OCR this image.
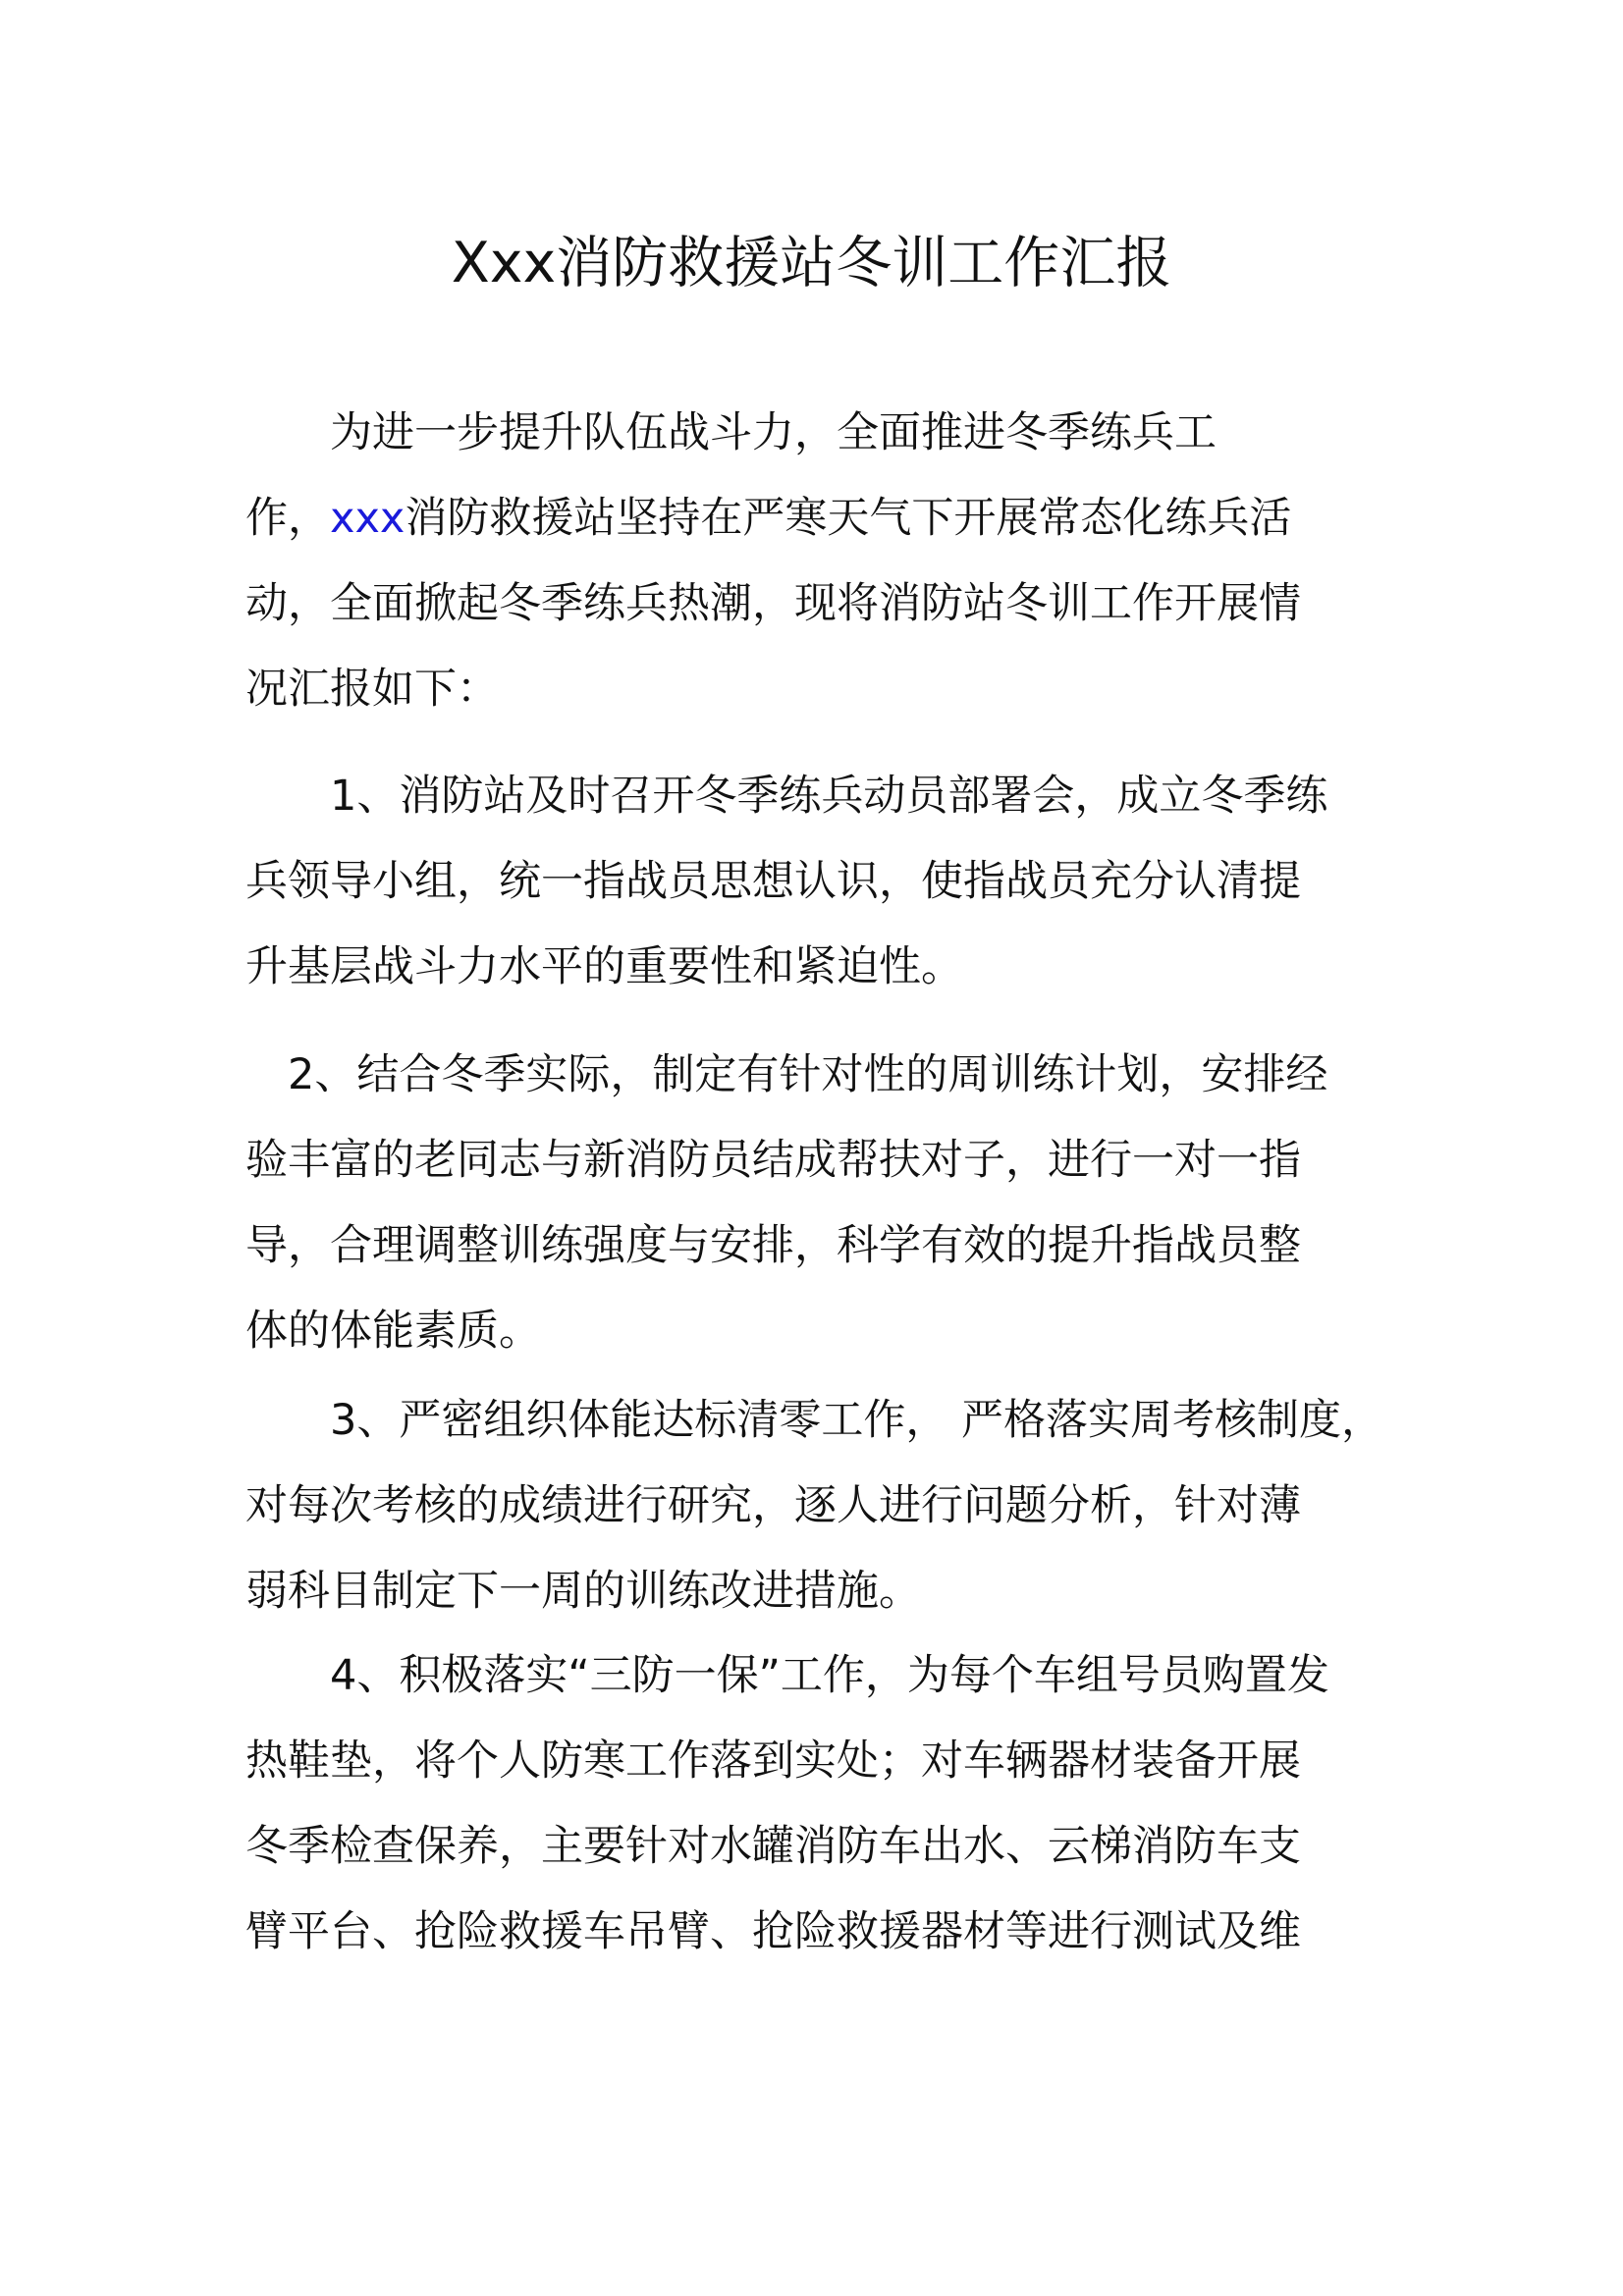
Xxx消防救援站冬训工作汇报
　　为进一步提升队伍战斗力，全面推进冬季练兵工
作，xxx消防救援站坚持在严寒天气下开展常态化练兵活
动，全面掀起冬季练兵热潮，现将消防站冬训工作开展情
况汇报如下：
　　1、消防站及时召开冬季练兵动员部署会，成立冬季练
兵领导小组，统一指战员思想认识，使指战员充分认清提
升基层战斗力水平的重要性和紧迫性。
　2、结合冬季实际，制定有针对性的周训练计划，安排经
验丰富的老同志与新消防员结成帮扶对子，进行一对一指
导，合理调整训练强度与安排，科学有效的提升指战员整
体的体能素质。
　　3、严密组织体能达标清零工作， 严格落实周考核制度，
对每次考核的成绩进行研究，逐人进行问题分析，针对薄
弱科目制定下一周的训练改进措施。
　　4、积极落实“三防一保”工作，为每个车组号员购置发
热鞋垫，将个人防寒工作落到实处；对车辆器材装备开展
冬季检查保养，主要针对水罐消防车出水、云梯消防车支
臂平台、抢险救援车吊臂、抢险救援器材等进行测试及维
